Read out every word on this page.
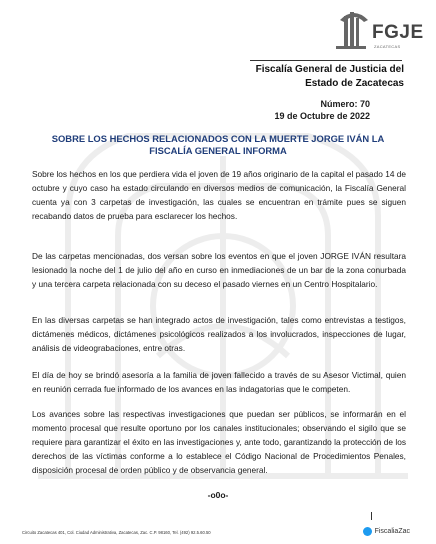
FGJE
ZACATECAS
Fiscalía General de Justicia del
Estado de Zacatecas
Número: 70
19 de Octubre de 2022
SOBRE LOS HECHOS RELACIONADOS CON LA MUERTE JORGE IVÁN LA
FISCALÍA GENERAL INFORMA

Sobre los hechos en los que perdiera vida el joven de 19 años originario de la capital el pasado 14 de octubre y cuyo caso ha estado circulando en diversos medios de comunicación, la Fiscalía General cuenta ya con 3 carpetas de investigación, las cuales se encuentran en trámite pues se siguen recabando datos de prueba para esclarecer los hechos.

De las carpetas mencionadas, dos versan sobre los eventos en que el joven JORGE IVÁN resultara lesionado la noche del 1 de julio del año en curso en inmediaciones de un bar de la zona conurbada y una tercera carpeta relacionada con su deceso el pasado viernes en un Centro Hospitalario.

En las diversas carpetas se han integrado actos de investigación, tales como entrevistas a testigos, dictámenes médicos, dictámenes psicológicos realizados a los involucrados, inspecciones de lugar, análisis de videograbaciones, entre otras.

El día de hoy se brindó asesoría a la familia de joven fallecido a través de su Asesor Victimal, quien en reunión cerrada fue informado de los avances en las indagatorias que le competen.

Los avances sobre las respectivas investigaciones que puedan ser públicos, se informarán en el momento procesal que resulte oportuno por los canales institucionales; observando el sigilo que se requiere para garantizar el éxito en las investigaciones y, ante todo, garantizando la protección de los derechos de las víctimas conforme a lo establece el Código Nacional de Procedimientos Penales, disposición procesal de orden público y de observancia general.

-o0o-
Circuito Zacatecas 401, Col. Ciudad Administrativa, Zacatecas, Zac. C.P. 98160, Tel. (492) 92.5.60.50	FiscaliaZac
